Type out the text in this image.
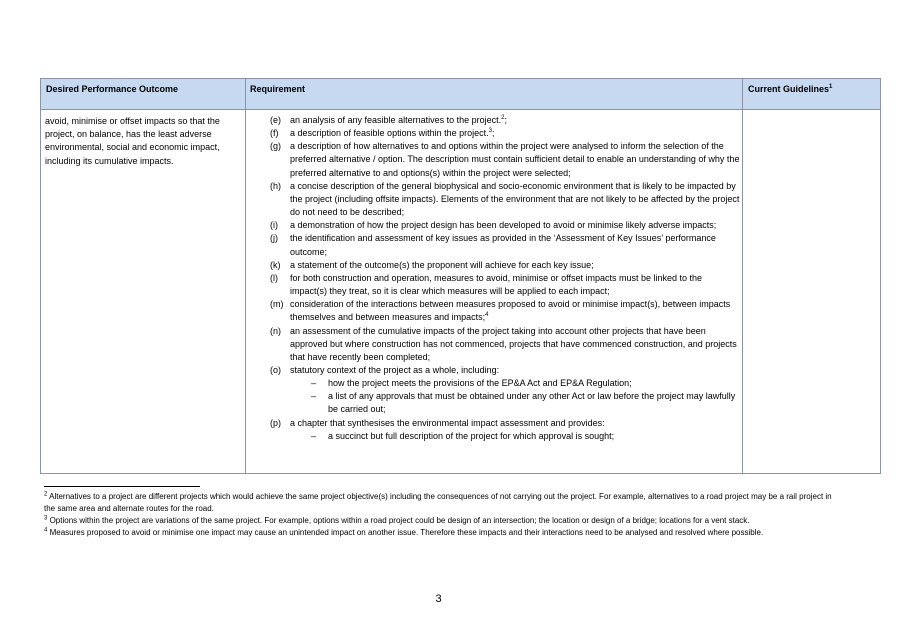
Desired Performance Outcome	Requirement	Current Guidelines$^1$
avoid, minimise or offset impacts so that the project, on balance, has the least adverse environmental, social and economic impact, including its cumulative impacts.
(e) an analysis of any feasible alternatives to the project.$^2$;
(f) a description of feasible options within the project.$^3$;
(g) a description of how alternatives to and options within the project were analysed to inform the selection of the preferred alternative / option. The description must contain sufficient detail to enable an understanding of why the preferred alternative to and options(s) within the project were selected;
(h) a concise description of the general biophysical and socio-economic environment that is likely to be impacted by the project (including offsite impacts). Elements of the environment that are not likely to be affected by the project do not need to be described;
(i) a demonstration of how the project design has been developed to avoid or minimise likely adverse impacts;
(j) the identification and assessment of key issues as provided in the ‘Assessment of Key Issues’ performance outcome;
(k) a statement of the outcome(s) the proponent will achieve for each key issue;
(l) for both construction and operation, measures to avoid, minimise or offset impacts must be linked to the impact(s) they treat, so it is clear which measures will be applied to each impact;
(m) consideration of the interactions between measures proposed to avoid or minimise impact(s), between impacts themselves and between measures and impacts;$^4$
(n) an assessment of the cumulative impacts of the project taking into account other projects that have been approved but where construction has not commenced, projects that have commenced construction, and projects that have recently been completed;
(o) statutory context of the project as a whole, including:
– how the project meets the provisions of the EP&A Act and EP&A Regulation;
– a list of any approvals that must be obtained under any other Act or law before the project may lawfully be carried out;
(p) a chapter that synthesises the environmental impact assessment and provides:
– a succinct but full description of the project for which approval is sought;
$^2$ Alternatives to a project are different projects which would achieve the same project objective(s) including the consequences of not carrying out the project. For example, alternatives to a road project may be a rail project in the same area and alternate routes for the road.
$^3$ Options within the project are variations of the same project. For example, options within a road project could be design of an intersection; the location or design of a bridge; locations for a vent stack.
$^4$ Measures proposed to avoid or minimise one impact may cause an unintended impact on another issue. Therefore these impacts and their interactions need to be analysed and resolved where possible.
3
